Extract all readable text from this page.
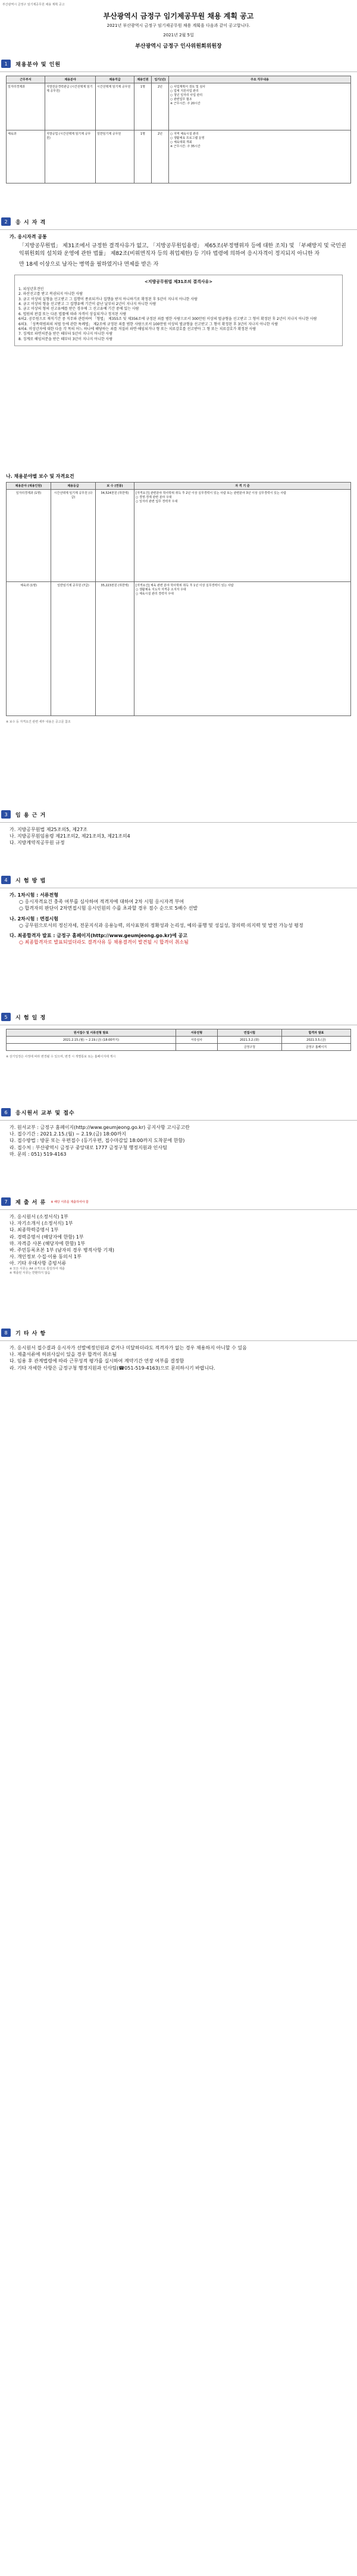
부산광역시 금정구 임기제공무원 채용 계획 공고
부산광역시 금정구 임기제공무원 채용 계획 공고
2021년 부산광역시 금정구 임기제공무원 채용 계획을 다음과 같이 공고합니다.
2021년 2월 5일
부산광역시 금정구 인사위원회위원장
1	채용분야 및 인원
근무부서	채용분야	채용직급	채용인원	임기(년)	주요 직무내용
일자리경제과	지방전문경력관급 (시간선택제 임기제 공무원)	시간선택제 임기제 공무원	1명	2년	○ 사업계획서 검토 및 심사
○ 업체 지원사업 관리
○ 청년 일자리 사업 관리
○ 관련업무 협조
※ 근무시간: 주 20시간
체육과	지방공업 (시간선택제 임기제 공무원)	일반임기제 공무원	1명	2년	○ 지역 체육시설 관리
○ 생활체육 프로그램 운영
○ 체육대회 개최
※ 근무시간: 주 35시간
2	응 시 자 격
가. 응시자격 공통
「지방공무원법」 제31조에서 규정한 결격사유가 없고, 「지방공무원임용령」 제65조(부정행위자 등에 대한 조치) 및 「부패방지 및 국민권익위원회의 설치와 운영에 관한 법률」 제82조(비위면직자 등의 취업제한) 등 기타 법령에 의하여 응시자격이 정지되지 아니한 자
만 18세 이상으로 남자는 병역을 필하였거나 면제를 받은 자
<지방공무원법 제31조의 결격사유>
1. 피성년후견인
2. 파산선고를 받고 복권되지 아니한 사람
3. 금고 이상의 실형을 선고받고 그 집행이 종료되거나 집행을 받지 아니하기로 확정된 후 5년이 지나지 아니한 사람
4. 금고 이상의 형을 선고받고 그 집행유예 기간이 끝난 날부터 2년이 지나지 아니한 사람
5. 금고 이상의 형의 선고유예를 받은 경우에 그 선고유예 기간 중에 있는 사람
6. 법원의 판결 또는 다른 법률에 따라 자격이 상실되거나 정지된 사람
6의2. 공무원으로 재직기간 중 직무와 관련하여 「형법」 제355조 및 제356조에 규정된 죄를 범한 사람으로서 300만원 이상의 벌금형을 선고받고 그 형이 확정된 후 2년이 지나지 아니한 사람
6의3. 「성폭력범죄의 처벌 등에 관한 특례법」 제2조에 규정된 죄를 범한 사람으로서 100만원 이상의 벌금형을 선고받고 그 형이 확정된 후 3년이 지나지 아니한 사람
6의4. 미성년자에 대한 다음 각 목의 어느 하나에 해당하는 죄를 저질러 파면·해임되거나 형 또는 치료감호를 선고받아 그 형 또는 치료감호가 확정된 사람
7. 징계로 파면처분을 받은 때부터 5년이 지나지 아니한 사람
8. 징계로 해임처분을 받은 때부터 3년이 지나지 아니한 사람
나. 채용분야별 보수 및 자격요건
채용분야 (채용인원)	채용등급	보 수 (연봉)	자 격 기 준
일자리경제과 (1명)	시간선택제 임기제 공무원 (다급)	34,524천원 (하한액)	[자격요건] 관련분야 학사학위 취득 후 2년 이상 실무경력이 있는 사람 또는 관련분야 3년 이상 실무경력이 있는 사람
○ 경영·경제 관련 분야 우대
○ 일자리 관련 업무 경력자 우대
체육과 (1명)	일반임기제 공무원 (7급)	35,223천원 (하한액)	[자격요건] 체육 관련 분야 학사학위 취득 후 1년 이상 실무경력이 있는 사람
○ 생활체육 지도자 자격증 소지자 우대
○ 체육시설 관리 경력자 우대
※ 보수 등 자격요건 관련 세부 내용은 공고문 참조
3	임 용 근 거
가. 지방공무원법 제25조의5, 제27조
나. 지방공무원임용령 제21조의2, 제21조의3, 제21조의4
다. 지방계약직공무원 규정
4	시 험 방 법
가. 1차시험 : 서류전형
○ 응시자격요건 충족 여부를 심사하여 적격자에 대하여 2차 시험 응시자격 부여
○ 합격자의 판단이 2차면접시험 응시인원의 수를 초과할 경우 점수 순으로 5배수 선발
나. 2차시험 : 면접시험
○ 공무원으로서의 정신자세, 전문지식과 응용능력, 의사표현의 정확성과 논리성, 예의·품행 및 성실성, 창의력·의지력 및 발전 가능성 평정
다. 최종합격자 발표 : 금정구 홈페이지(http://www.geumjeong.go.kr)에 공고
○ 최종합격자로 발표되었더라도 결격사유 등 채용결격이 발견될 시 합격이 취소됨
5	시 험 일 정
원서접수 및 서류전형 발표	서류전형	면접시험	합격자 발표
2021.2.15.(월) ~ 2.19.(금) (18:00까지)	서류심사	2021.3.2.(화)	2021.3.5.(금)
		금정구청	금정구 홈페이지
※ 상기일정은 사정에 따라 변경될 수 있으며, 변경 시 개별통보 또는 홈페이지에 게시
6	응시원서 교부 및 접수
가. 원서교부 : 금정구 홈페이지(http://www.geumjeong.go.kr) 공지사항 고시공고란
나. 접수기간 : 2021.2.15.(월) ~ 2.19.(금) 18:00까지
다. 접수방법 : 방문 또는 우편접수 (등기우편, 접수마감일 18:00까지 도착분에 한함)
라. 접수처 : 부산광역시 금정구 중앙대로 1777 금정구청 행정지원과 인사팀
마. 문의 : 051) 519-4163
7	제 출 서 류 ※ 해당 서류를 제출하여야 함
가. 응시원서 (소정서식) 1부
나. 자기소개서 (소정서식) 1부
다. 최종학력증명서 1부
라. 경력증명서 (해당자에 한함) 1부
마. 자격증 사본 (해당자에 한함) 1부
바. 주민등록초본 1부 (남자의 경우 병적사항 기재)
사. 개인정보 수집·이용 동의서 1부
아. 기타 우대사항 증빙서류
※ 모든 서류는 A4 규격으로 통일하여 제출
※ 제출된 서류는 반환하지 않음
8	기 타 사 항
가. 응시원서 접수결과 응시자가 선발예정인원과 같거나 미달하더라도 적격자가 없는 경우 채용하지 아니할 수 있음
나. 제출서류에 허위사실이 있을 경우 합격이 취소됨
다. 임용 후 관계법령에 따라 근무성적 평가를 실시하여 계약기간 연장 여부를 결정함
라. 기타 자세한 사항은 금정구청 행정지원과 인사팀(☎051-519-4163)으로 문의하시기 바랍니다.
